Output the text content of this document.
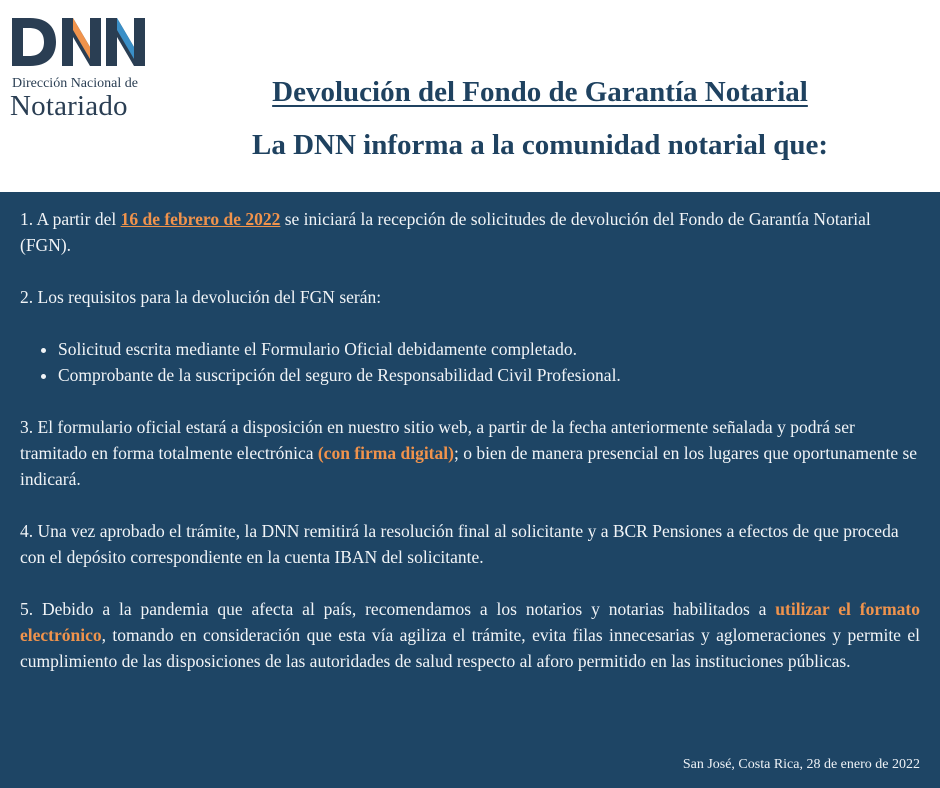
Dirección Nacional de
Notariado	Devolución del Fondo de Garantía Notarial
La DNN informa a la comunidad notarial que:

1. A partir del 16 de febrero de 2022 se iniciará la recepción de solicitudes de devolución del Fondo de Garantía Notarial (FGN).

2. Los requisitos para la devolución del FGN serán:

• Solicitud escrita mediante el Formulario Oficial debidamente completado.
• Comprobante de la suscripción del seguro de Responsabilidad Civil Profesional.

3. El formulario oficial estará a disposición en nuestro sitio web, a partir de la fecha anteriormente señalada y podrá ser tramitado en forma totalmente electrónica (con firma digital); o bien de manera presencial en los lugares que oportunamente se indicará.

4. Una vez aprobado el trámite, la DNN remitirá la resolución final al solicitante y a BCR Pensiones a efectos de que proceda con el depósito correspondiente en la cuenta IBAN del solicitante.

5. Debido a la pandemia que afecta al país, recomendamos a los notarios y notarias habilitados a utilizar el formato electrónico, tomando en consideración que esta vía agiliza el trámite, evita filas innecesarias y aglomeraciones y permite el cumplimiento de las disposiciones de las autoridades de salud respecto al aforo permitido en las instituciones públicas.

San José, Costa Rica, 28 de enero de 2022
